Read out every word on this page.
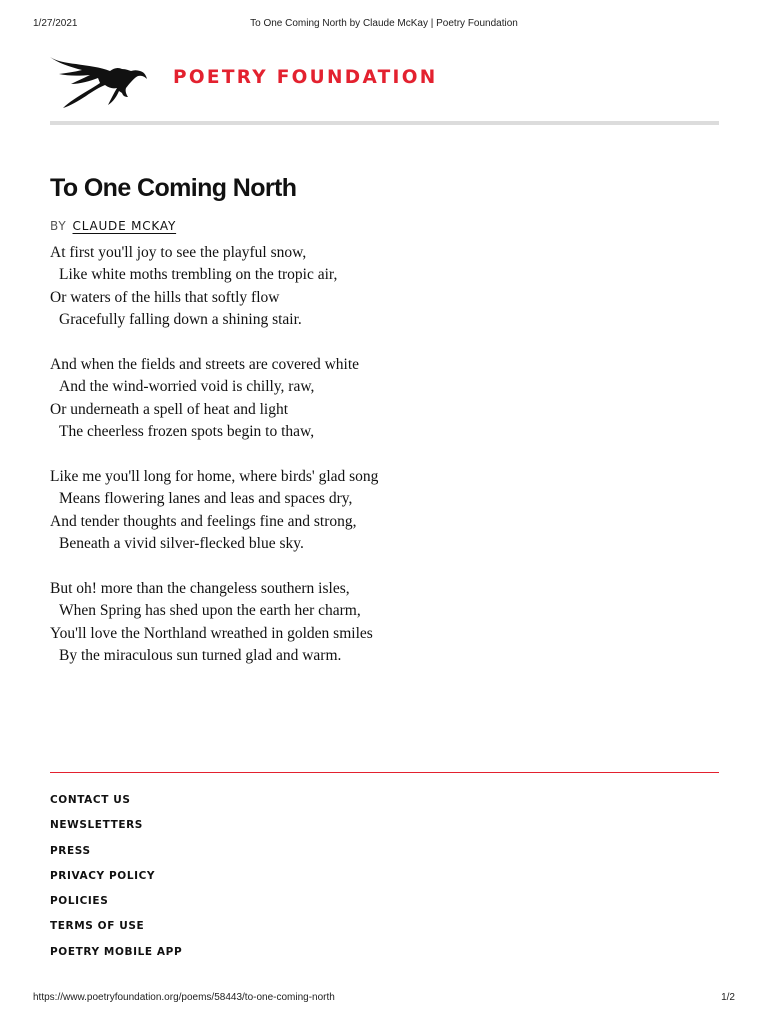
1/27/2021	To One Coming North by Claude McKay | Poetry Foundation
POETRY FOUNDATION
To One Coming North
BY CLAUDE MCKAY
At first you'll joy to see the playful snow,
Like white moths trembling on the tropic air,
Or waters of the hills that softly flow
Gracefully falling down a shining stair.
And when the fields and streets are covered white
And the wind-worried void is chilly, raw,
Or underneath a spell of heat and light
The cheerless frozen spots begin to thaw,
Like me you'll long for home, where birds' glad song
Means flowering lanes and leas and spaces dry,
And tender thoughts and feelings fine and strong,
Beneath a vivid silver-flecked blue sky.
But oh! more than the changeless southern isles,
When Spring has shed upon the earth her charm,
You'll love the Northland wreathed in golden smiles
By the miraculous sun turned glad and warm.
CONTACT US
NEWSLETTERS
PRESS
PRIVACY POLICY
POLICIES
TERMS OF USE
POETRY MOBILE APP
https://www.poetryfoundation.org/poems/58443/to-one-coming-north	1/2
